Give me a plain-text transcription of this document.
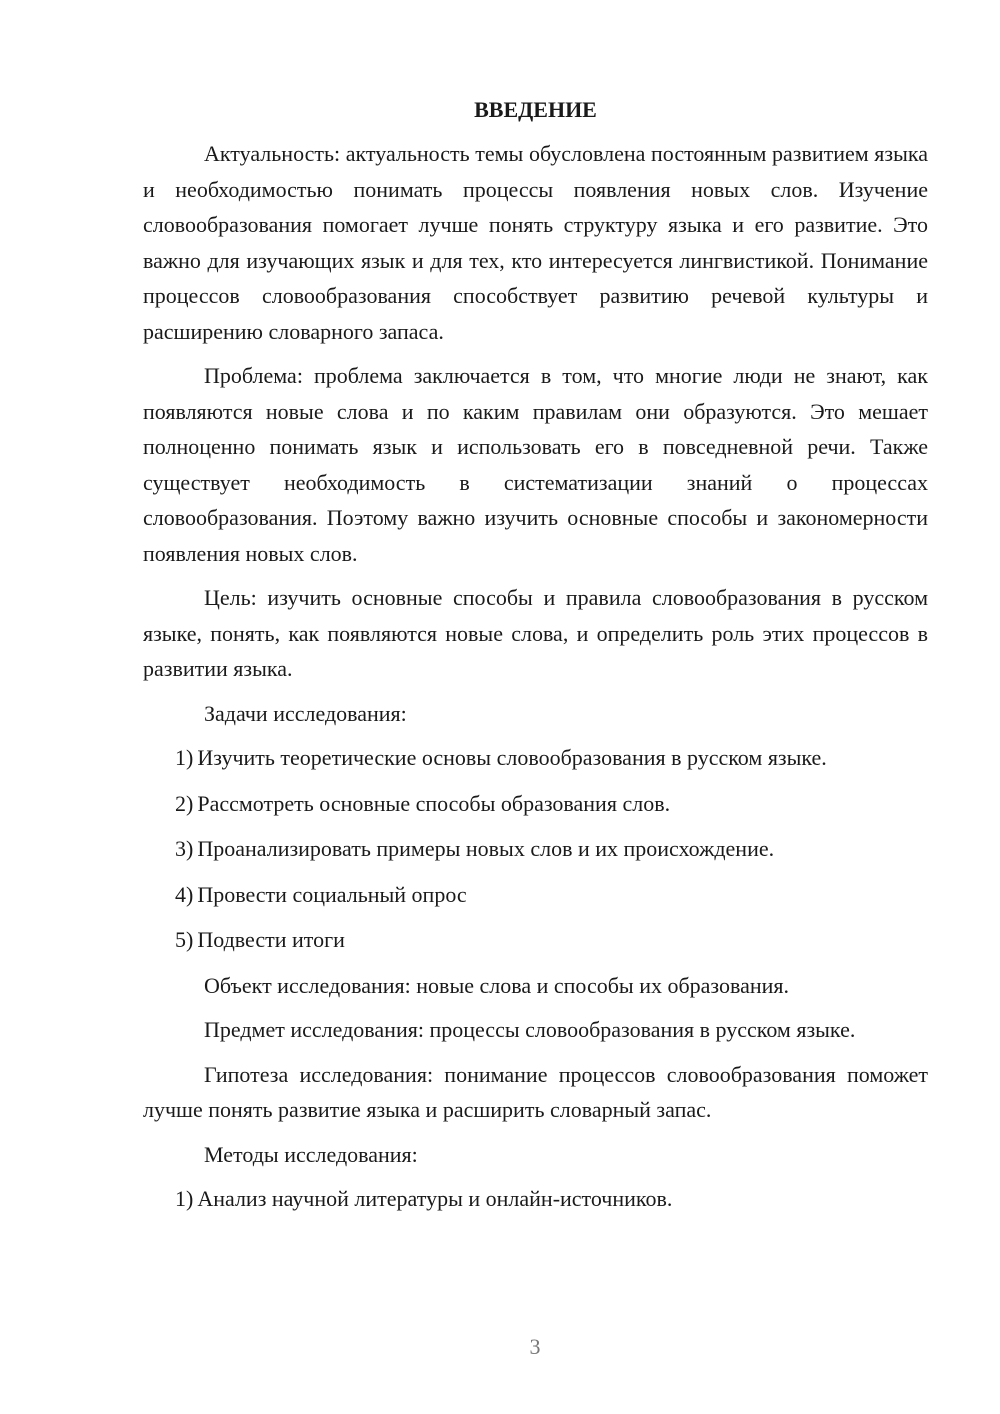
ВВЕДЕНИЕ

Актуальность: актуальность темы обусловлена постоянным развитием языка и необходимостью понимать процессы появления новых слов. Изучение словообразования помогает лучше понять структуру языка и его развитие. Это важно для изучающих язык и для тех, кто интересуется лингвистикой. Понимание процессов словообразования способствует развитию речевой культуры и расширению словарного запаса.

Проблема: проблема заключается в том, что многие люди не знают, как появляются новые слова и по каким правилам они образуются. Это мешает полноценно понимать язык и использовать его в повседневной речи. Также существует необходимость в систематизации знаний о процессах словообразования. Поэтому важно изучить основные способы и закономерности появления новых слов.

Цель: изучить основные способы и правила словообразования в русском языке, понять, как появляются новые слова, и определить роль этих процессов в развитии языка.

Задачи исследования:

1) Изучить теоретические основы словообразования в русском языке.
2) Рассмотреть основные способы образования слов.
3) Проанализировать примеры новых слов и их происхождение.
4) Провести социальный опрос
5) Подвести итоги

Объект исследования: новые слова и способы их образования.

Предмет исследования: процессы словообразования в русском языке.

Гипотеза исследования: понимание процессов словообразования поможет лучше понять развитие языка и расширить словарный запас.

Методы исследования:

1) Анализ научной литературы и онлайн-источников.
3
